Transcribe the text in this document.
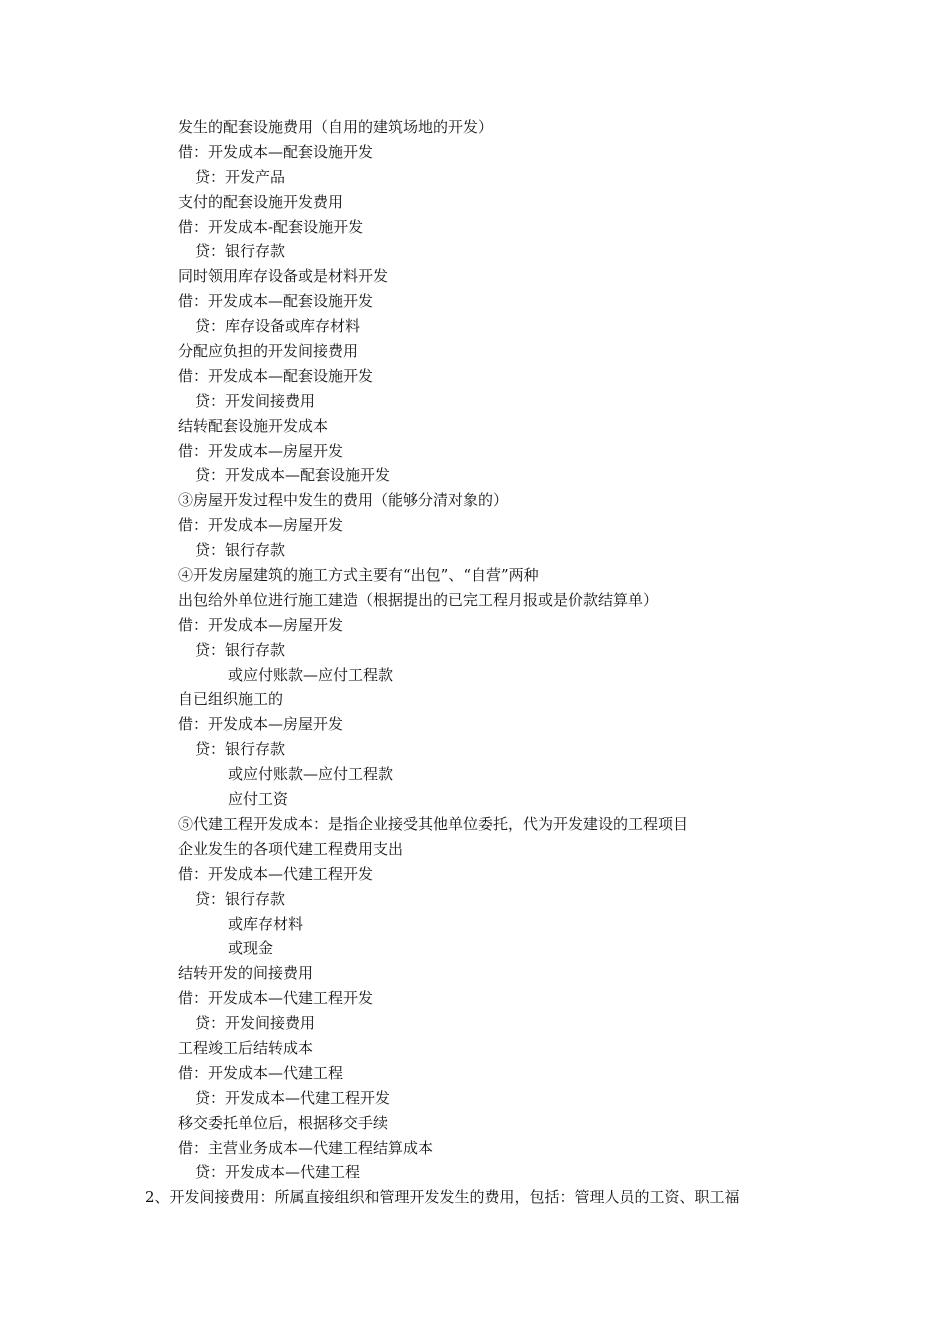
发生的配套设施费用（自用的建筑场地的开发）
借：开发成本—配套设施开发
贷：开发产品
支付的配套设施开发费用
借：开发成本-配套设施开发
贷：银行存款
同时领用库存设备或是材料开发
借：开发成本—配套设施开发
贷：库存设备或库存材料
分配应负担的开发间接费用
借：开发成本—配套设施开发
贷：开发间接费用
结转配套设施开发成本
借：开发成本—房屋开发
贷：开发成本—配套设施开发
③房屋开发过程中发生的费用（能够分清对象的）
借：开发成本—房屋开发
贷：银行存款
④开发房屋建筑的施工方式主要有“出包”、“自营”两种
出包给外单位进行施工建造（根据提出的已完工程月报或是价款结算单）
借：开发成本—房屋开发
贷：银行存款
或应付账款—应付工程款
自已组织施工的
借：开发成本—房屋开发
贷：银行存款
或应付账款—应付工程款
应付工资
⑤代建工程开发成本：是指企业接受其他单位委托，代为开发建设的工程项目
企业发生的各项代建工程费用支出
借：开发成本—代建工程开发
贷：银行存款
或库存材料
或现金
结转开发的间接费用
借：开发成本—代建工程开发
贷：开发间接费用
工程竣工后结转成本
借：开发成本—代建工程
贷：开发成本—代建工程开发
移交委托单位后，根据移交手续
借：主营业务成本—代建工程结算成本
贷：开发成本—代建工程
2、开发间接费用：所属直接组织和管理开发发生的费用，包括：管理人员的工资、职工福
